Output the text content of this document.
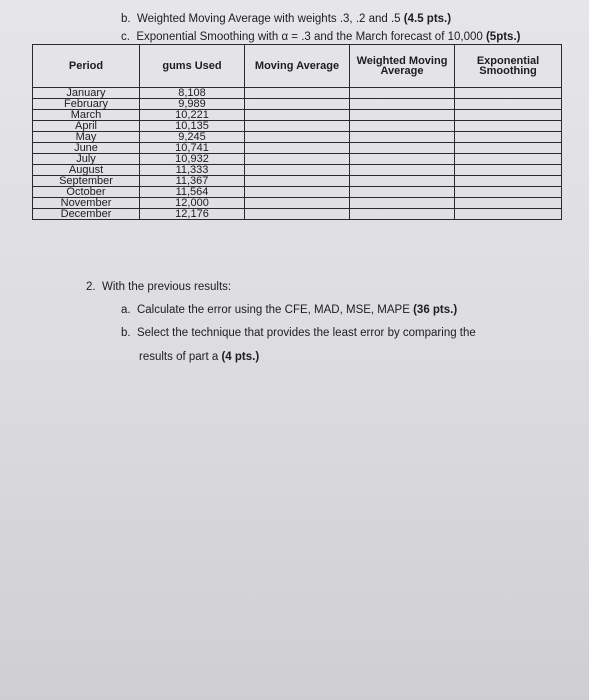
b. Weighted Moving Average with weights .3, .2 and .5 (4.5 pts.)
c. Exponential Smoothing with α = .3 and the March forecast of 10,000 (5pts.)
Period	gums Used	Moving Average	Weighted Moving Average	Exponential Smoothing
January	8,108			
February	9,989			
March	10,221			
April	10,135			
May	9,245			
June	10,741			
July	10,932			
August	11,333			
September	11,367			
October	11,564			
November	12,000			
December	12,176			
2. With the previous results:
a. Calculate the error using the CFE, MAD, MSE, MAPE (36 pts.)
b. Select the technique that provides the least error by comparing the
results of part a (4 pts.)
